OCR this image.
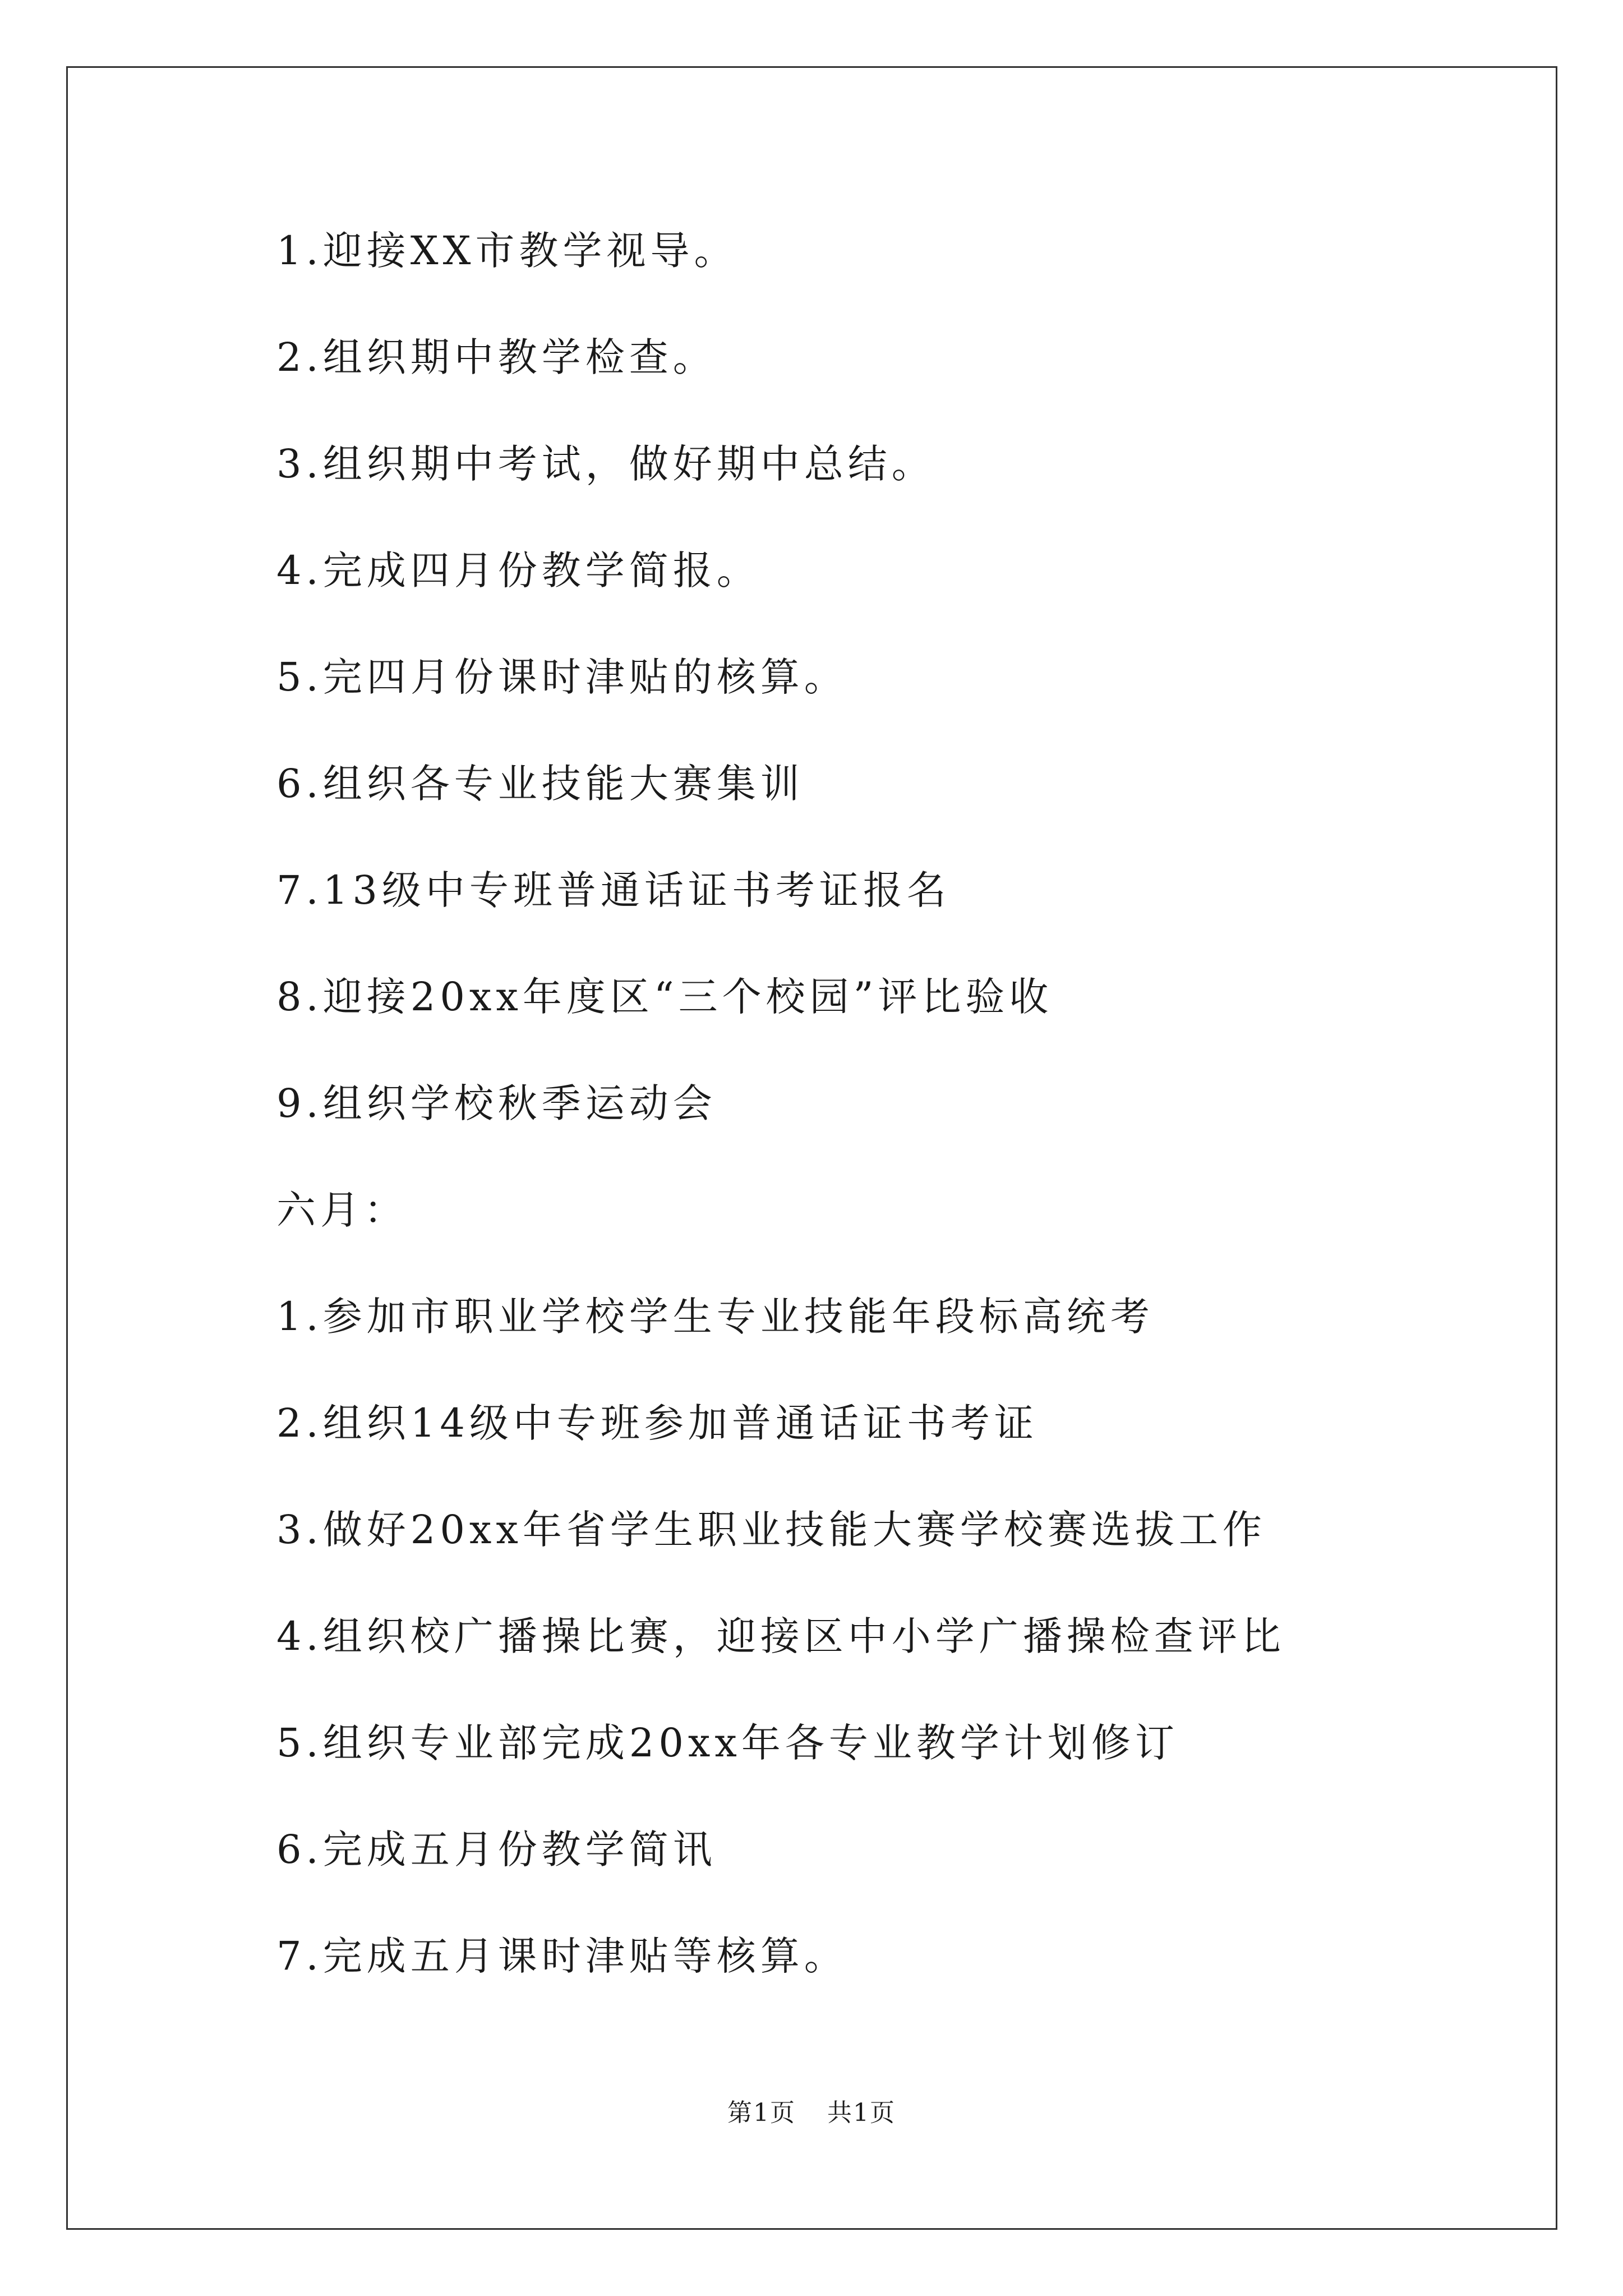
1.迎接XX市教学视导。
2.组织期中教学检查。
3.组织期中考试，做好期中总结。
4.完成四月份教学简报。
5.完四月份课时津贴的核算。
6.组织各专业技能大赛集训
7.13级中专班普通话证书考证报名
8.迎接20xx年度区“三个校园”评比验收
9.组织学校秋季运动会
六月：
1.参加市职业学校学生专业技能年段标高统考
2.组织14级中专班参加普通话证书考证
3.做好20xx年省学生职业技能大赛学校赛选拔工作
4.组织校广播操比赛，迎接区中小学广播操检查评比
5.组织专业部完成20xx年各专业教学计划修订
6.完成五月份教学简讯
7.完成五月课时津贴等核算。
第1页 共1页
